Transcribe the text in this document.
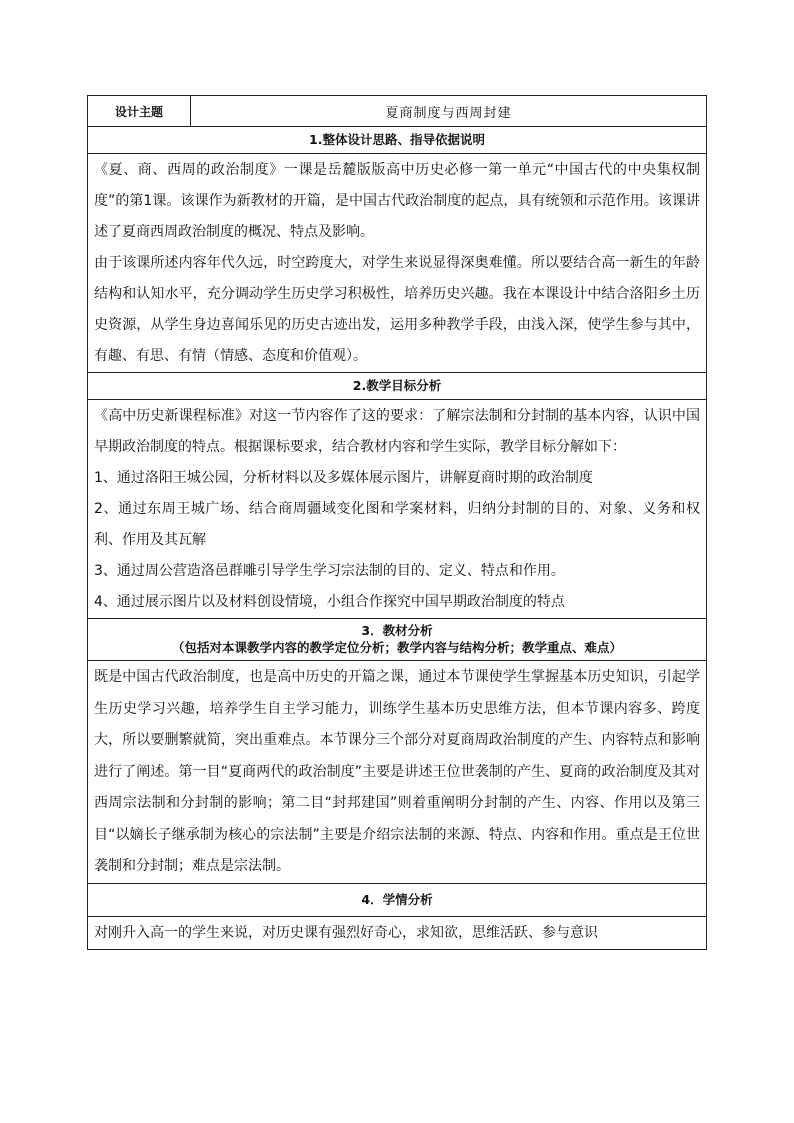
设计主题	夏商制度与西周封建
1.整体设计思路、指导依据说明

《夏、商、西周的政治制度》一课是岳麓版版高中历史必修一第一单元“中国古代的中央集权制度”的第1课。该课作为新教材的开篇，是中国古代政治制度的起点，具有统领和示范作用。该课讲述了夏商西周政治制度的概况、特点及影响。

由于该课所述内容年代久远，时空跨度大，对学生来说显得深奥难懂。所以要结合高一新生的年龄结构和认知水平，充分调动学生历史学习积极性，培养历史兴趣。我在本课设计中结合洛阳乡土历史资源，从学生身边喜闻乐见的历史古迹出发，运用多种教学手段，由浅入深，使学生参与其中，有趣、有思、有情（情感、态度和价值观）。

2.教学目标分析

《高中历史新课程标准》对这一节内容作了这的要求：了解宗法制和分封制的基本内容，认识中国早期政治制度的特点。根据课标要求，结合教材内容和学生实际，教学目标分解如下：

1、通过洛阳王城公园，分析材料以及多媒体展示图片，讲解夏商时期的政治制度

2、通过东周王城广场、结合商周疆域变化图和学案材料，归纳分封制的目的、对象、义务和权利、作用及其瓦解

3、通过周公营造洛邑群雕引导学生学习宗法制的目的、定义、特点和作用。

4、通过展示图片以及材料创设情境，小组合作探究中国早期政治制度的特点

3．教材分析
（包括对本课教学内容的教学定位分析；教学内容与结构分析；教学重点、难点）

既是中国古代政治制度，也是高中历史的开篇之课，通过本节课使学生掌握基本历史知识，引起学生历史学习兴趣，培养学生自主学习能力，训练学生基本历史思维方法，但本节课内容多、跨度大，所以要删繁就简，突出重难点。本节课分三个部分对夏商周政治制度的产生、内容特点和影响进行了阐述。第一目“夏商两代的政治制度”主要是讲述王位世袭制的产生、夏商的政治制度及其对西周宗法制和分封制的影响；第二目“封邦建国”则着重阐明分封制的产生、内容、作用以及第三目“以嫡长子继承制为核心的宗法制”主要是介绍宗法制的来源、特点、内容和作用。重点是王位世袭制和分封制；难点是宗法制。

4．学情分析

对刚升入高一的学生来说，对历史课有强烈好奇心，求知欲，思维活跃、参与意识
